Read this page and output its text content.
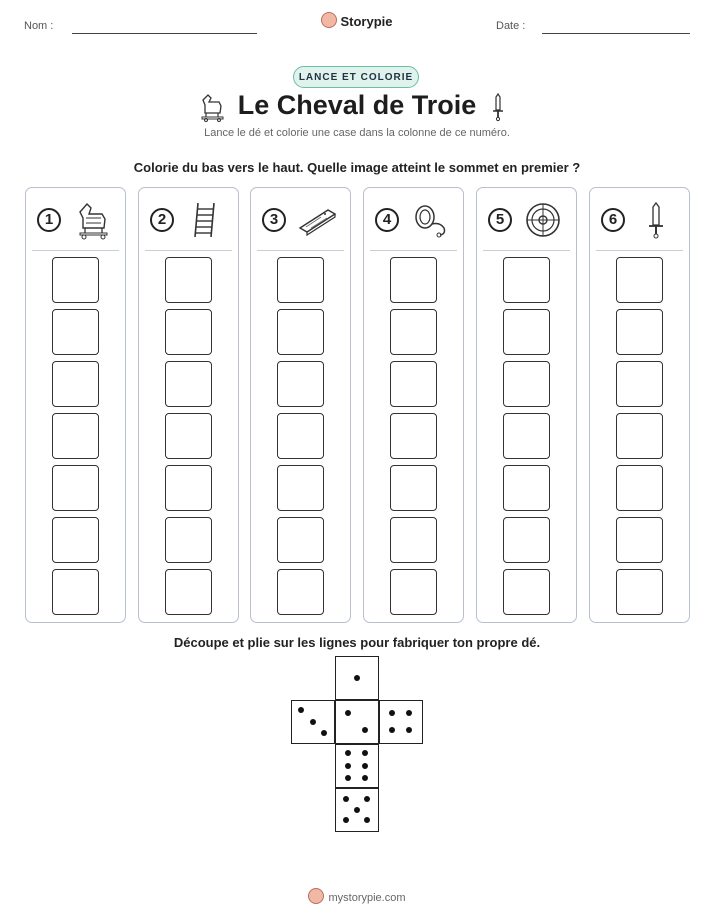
Nom :	Storypie	Date :
LANCE ET COLORIE
Le Cheval de Troie
Lance le dé et colorie une case dans la colonne de ce numéro.
Colorie du bas vers le haut. Quelle image atteint le sommet en premier ?
1	2	3	4	5	6
Découpe et plie sur les lignes pour fabriquer ton propre dé.
mystorypie.com
